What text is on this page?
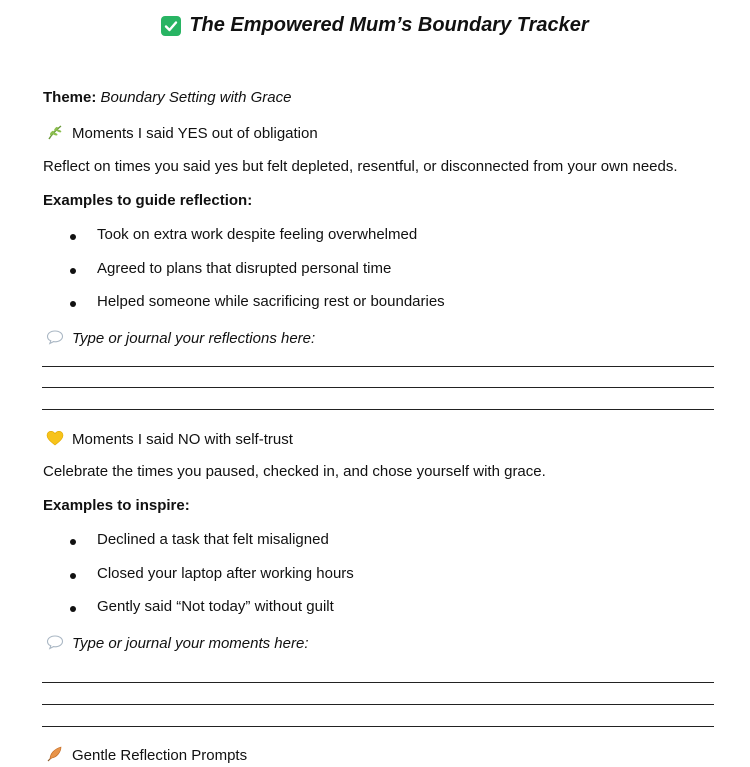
The Empowered Mum’s Boundary Tracker
Theme: Boundary Setting with Grace
Moments I said YES out of obligation
Reflect on times you said yes but felt depleted, resentful, or disconnected from your own needs.
Examples to guide reflection:
Took on extra work despite feeling overwhelmed
Agreed to plans that disrupted personal time
Helped someone while sacrificing rest or boundaries
Type or journal your reflections here:
Moments I said NO with self-trust
Celebrate the times you paused, checked in, and chose yourself with grace.
Examples to inspire:
Declined a task that felt misaligned
Closed your laptop after working hours
Gently said “Not today” without guilt
Type or journal your moments here:
Gentle Reflection Prompts
